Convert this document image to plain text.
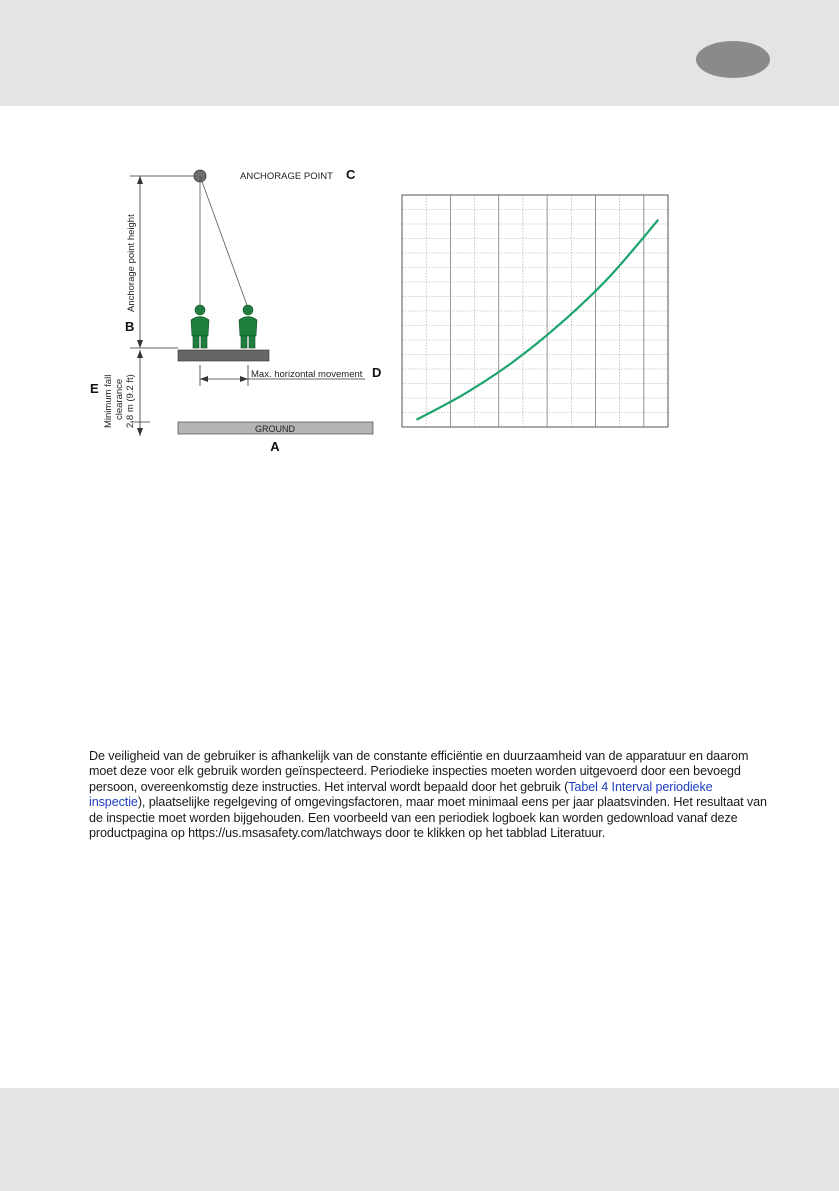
ANCHORAGE POINT C
Anchorage point height
B
Minimum fall clearance 2.8 m (9.2 ft)
E
Max. horizontal movement D
GROUND
A

De veiligheid van de gebruiker is afhankelijk van de constante efficiëntie en duurzaamheid van de apparatuur en daarom moet deze voor elk gebruik worden geïnspecteerd. Periodieke inspecties moeten worden uitgevoerd door een bevoegd persoon, overeenkomstig deze instructies. Het interval wordt bepaald door het gebruik (Tabel 4 Interval periodieke inspectie), plaatselijke regelgeving of omgevingsfactoren, maar moet minimaal eens per jaar plaatsvinden. Het resultaat van de inspectie moet worden bijgehouden. Een voorbeeld van een periodiek logboek kan worden gedownload vanaf deze productpagina op https://us.msasafety.com/latchways door te klikken op het tabblad Literatuur.
